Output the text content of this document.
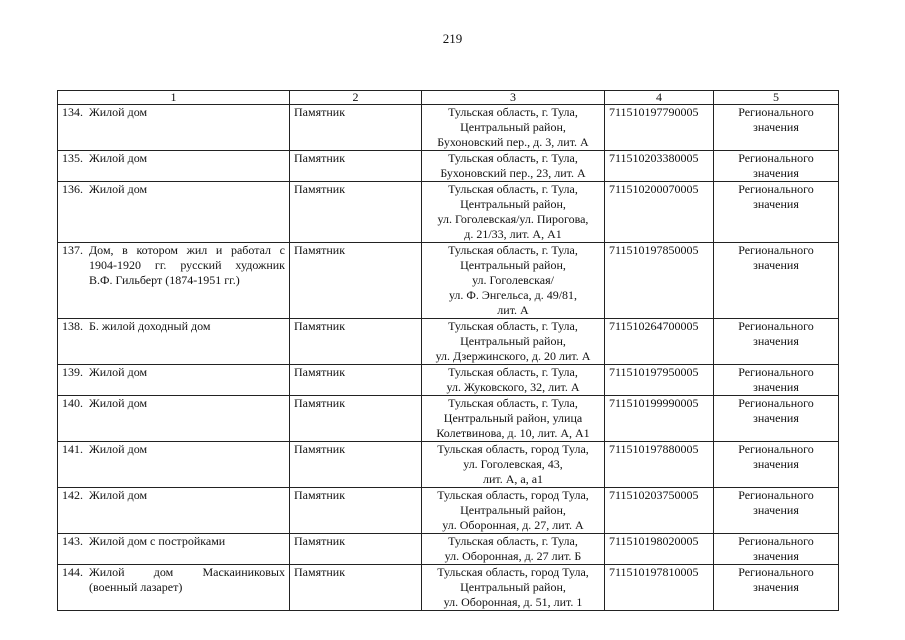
219
1	2	3	4	5

134. Жилой дом	Памятник	Тульская область, г. Тула,
Центральный район,
Бухоновский пер., д. 3, лит. А	711510197790005	Регионального
значения

135. Жилой дом	Памятник	Тульская область, г. Тула,
Бухоновский пер., 23, лит. А	711510203380005	Регионального
значения

136. Жилой дом	Памятник	Тульская область, г. Тула,
Центральный район,
ул. Гоголевская/ул. Пирогова,
д. 21/33, лит. А, А1	711510200070005	Регионального
значения

137. Дом, в котором жил и работал с
1904-1920 гг. русский художник
В.Ф. Гильберт (1874-1951 гг.)	Памятник	Тульская область, г. Тула,
Центральный район,
ул. Гоголевская/
ул. Ф. Энгельса, д. 49/81,
лит. А	711510197850005	Регионального
значения

138. Б. жилой доходный дом	Памятник	Тульская область, г. Тула,
Центральный район,
ул. Дзержинского, д. 20 лит. А	711510264700005	Регионального
значения

139. Жилой дом	Памятник	Тульская область, г. Тула,
ул. Жуковского, 32, лит. А	711510197950005	Регионального
значения

140. Жилой дом	Памятник	Тульская область, г. Тула,
Центральный район, улица
Колетвинова, д. 10, лит. А, А1	711510199990005	Регионального
значения

141. Жилой дом	Памятник	Тульская область, город Тула,
ул. Гоголевская, 43,
лит. А, а, а1	711510197880005	Регионального
значения

142. Жилой дом	Памятник	Тульская область, город Тула,
Центральный район,
ул. Оборонная, д. 27, лит. А	711510203750005	Регионального
значения

143. Жилой дом с постройками	Памятник	Тульская область, г. Тула,
ул. Оборонная, д. 27 лит. Б	711510198020005	Регионального
значения

144. Жилой дом Маскаиниковых
(военный лазарет)	Памятник	Тульская область, город Тула,
Центральный район,
ул. Оборонная, д. 51, лит. 1	711510197810005	Регионального
значения
